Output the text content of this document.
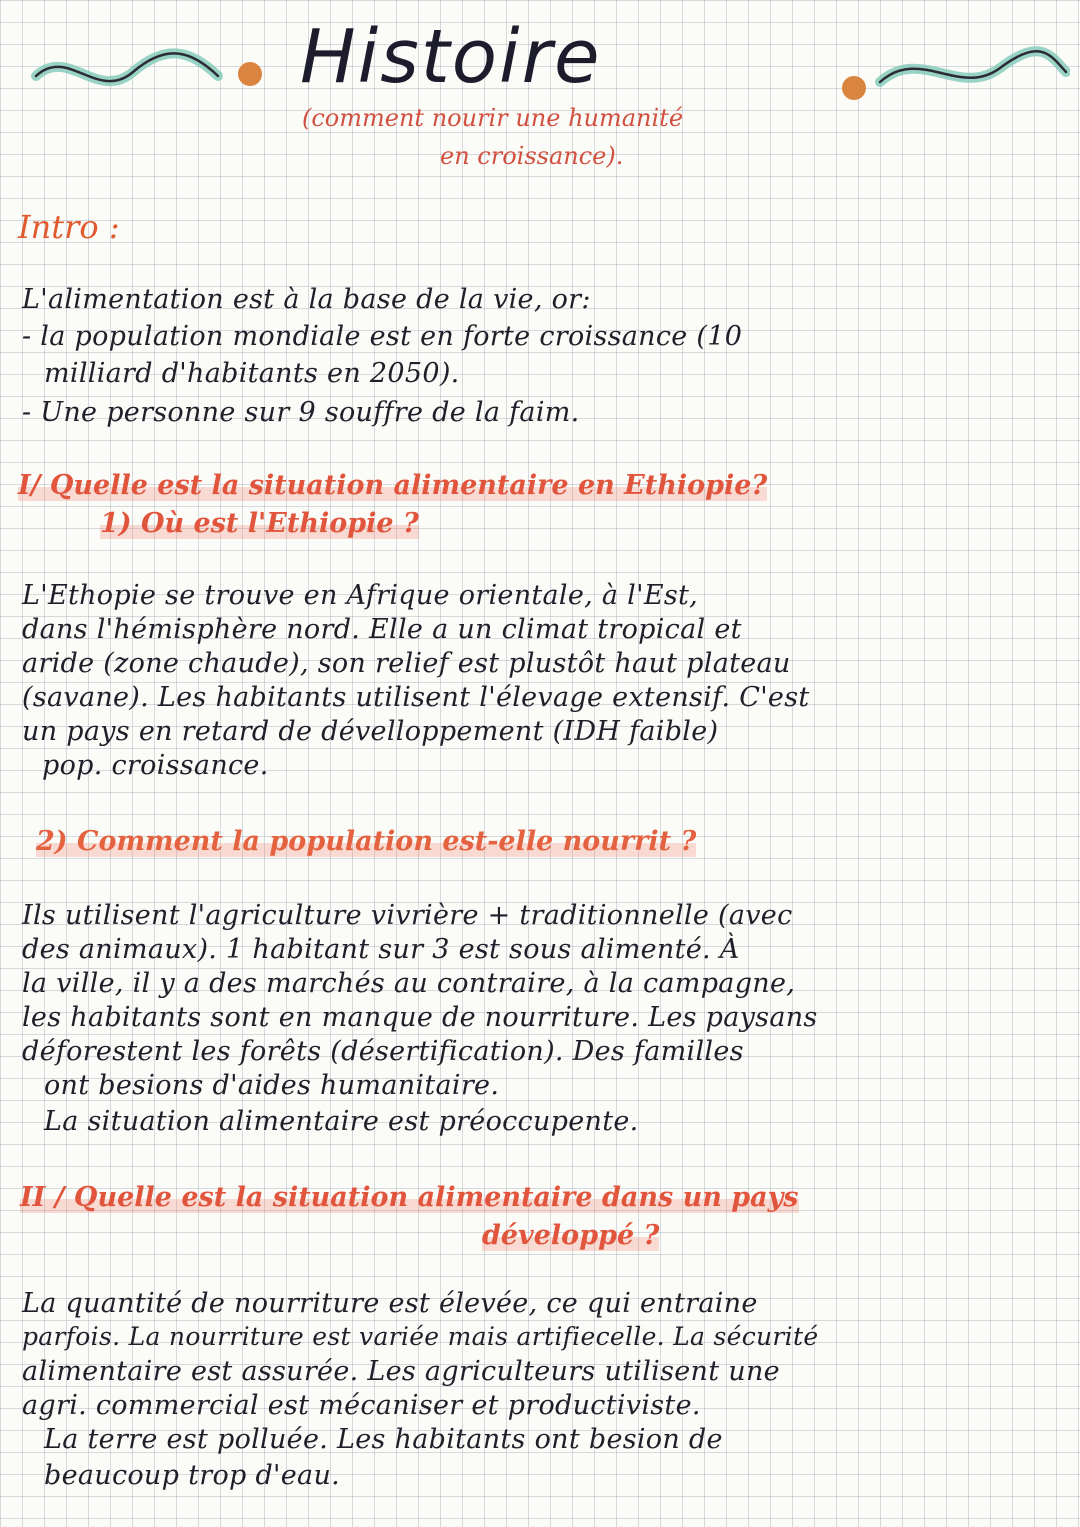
Histoire
(comment nourir une humanité
en croissance).
Intro :
L'alimentation est à la base de la vie, or:
- la population mondiale est en forte croissance (10
milliard d'habitants en 2050).
- Une personne sur 9 souffre de la faim.
I/ Quelle est la situation alimentaire en Ethiopie?
1) Où est l'Ethiopie ?
L'Ethopie se trouve en Afrique orientale, à l'Est,
dans l'hémisphère nord. Elle a un climat tropical et
aride (zone chaude), son relief est plustôt haut plateau
(savane). Les habitants utilisent l'élevage extensif. C'est
un pays en retard de dévelloppement (IDH faible)
pop. croissance.
2) Comment la population est-elle nourrit ?
Ils utilisent l'agriculture vivrière + traditionnelle (avec
des animaux). 1 habitant sur 3 est sous alimenté. À
la ville, il y a des marchés au contraire, à la campagne,
les habitants sont en manque de nourriture. Les paysans
déforestent les forêts (désertification). Des familles
ont besions d'aides humanitaire.
La situation alimentaire est préoccupente.
II / Quelle est la situation alimentaire dans un pays
développé ?
La quantité de nourriture est élevée, ce qui entraine
parfois. La nourriture est variée mais artifiecelle. La sécurité
alimentaire est assurée. Les agriculteurs utilisent une
agri. commercial est mécaniser et productiviste.
La terre est polluée. Les habitants ont besion de
beaucoup trop d'eau.
